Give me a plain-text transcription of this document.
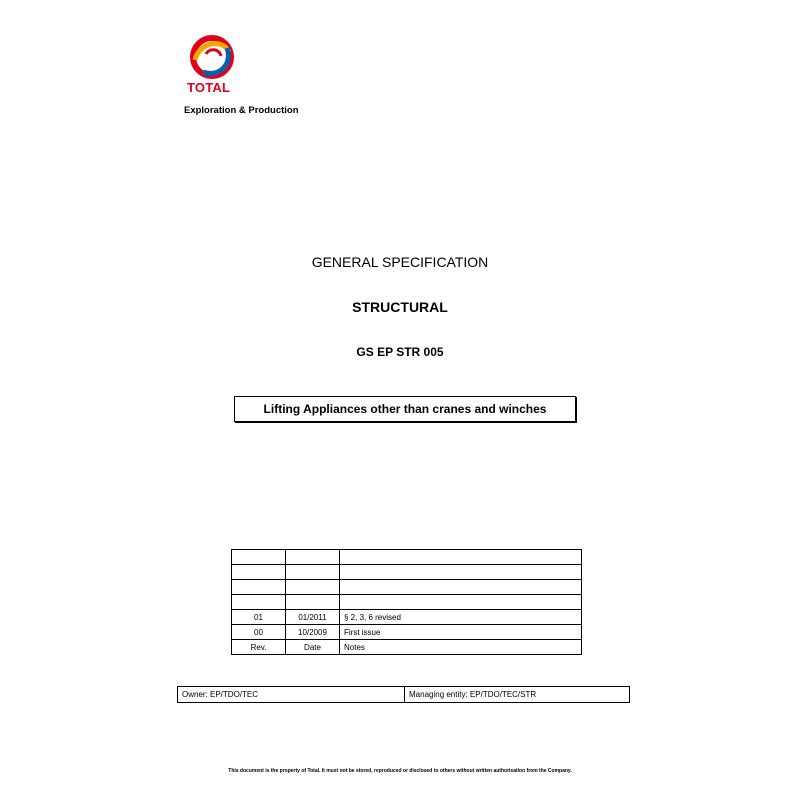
TOTAL
Exploration & Production
GENERAL SPECIFICATION
STRUCTURAL
GS EP STR 005
Lifting Appliances other than cranes and winches

01	01/2011	§ 2, 3, 6 revised
00	10/2009	First issue
Rev.	Date	Notes
Owner: EP/TDO/TEC	Managing entity: EP/TDO/TEC/STR
This document is the property of Total. It must not be stored, reproduced or disclosed to others without written authorisation from the Company.
